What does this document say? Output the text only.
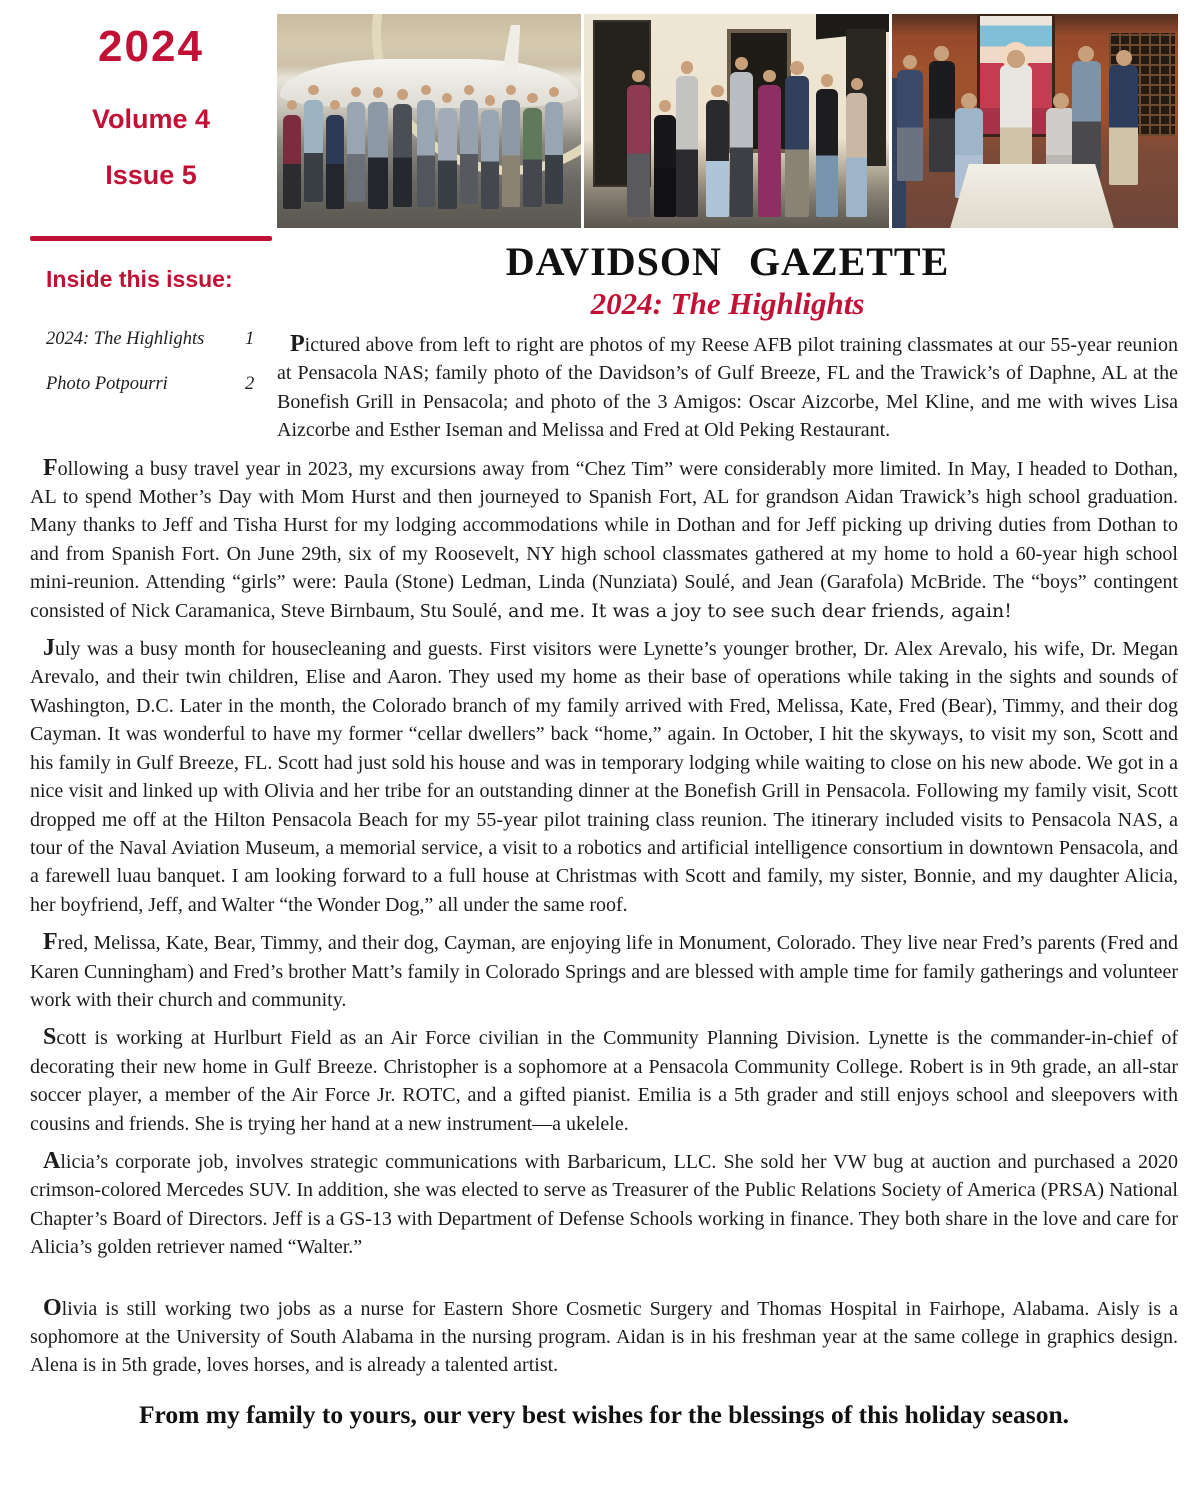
2024
Volume 4
Issue 5
Inside this issue:
2024: The Highlights	1
Photo Potpourri	2
DAVIDSON GAZETTE
2024: The Highlights

Pictured above from left to right are photos of my Reese AFB pilot training classmates at our 55-year reunion at Pensacola NAS; family photo of the Davidson’s of Gulf Breeze, FL and the Trawick’s of Daphne, AL at the Bonefish Grill in Pensacola; and photo of the 3 Amigos: Oscar Aizcorbe, Mel Kline, and me with wives Lisa Aizcorbe and Esther Iseman and Melissa and Fred at Old Peking Restaurant.

Following a busy travel year in 2023, my excursions away from “Chez Tim” were considerably more limited. In May, I headed to Dothan, AL to spend Mother’s Day with Mom Hurst and then journeyed to Spanish Fort, AL for grandson Aidan Trawick’s high school graduation. Many thanks to Jeff and Tisha Hurst for my lodging accommodations while in Dothan and for Jeff picking up driving duties from Dothan to and from Spanish Fort. On June 29th, six of my Roosevelt, NY high school classmates gathered at my home to hold a 60-year high school mini-reunion. Attending “girls” were: Paula (Stone) Ledman, Linda (Nunziata) Soulé, and Jean (Garafola) McBride. The “boys” contingent consisted of Nick Caramanica, Steve Birnbaum, Stu Soulé, and me. It was a joy to see such dear friends, again!

July was a busy month for housecleaning and guests. First visitors were Lynette’s younger brother, Dr. Alex Arevalo, his wife, Dr. Megan Arevalo, and their twin children, Elise and Aaron. They used my home as their base of operations while taking in the sights and sounds of Washington, D.C. Later in the month, the Colorado branch of my family arrived with Fred, Melissa, Kate, Fred (Bear), Timmy, and their dog Cayman. It was wonderful to have my former “cellar dwellers” back “home,” again. In October, I hit the skyways, to visit my son, Scott and his family in Gulf Breeze, FL. Scott had just sold his house and was in temporary lodging while waiting to close on his new abode. We got in a nice visit and linked up with Olivia and her tribe for an outstanding dinner at the Bonefish Grill in Pensacola. Following my family visit, Scott dropped me off at the Hilton Pensacola Beach for my 55-year pilot training class reunion. The itinerary included visits to Pensacola NAS, a tour of the Naval Aviation Museum, a memorial service, a visit to a robotics and artificial intelligence consortium in downtown Pensacola, and a farewell luau banquet. I am looking forward to a full house at Christmas with Scott and family, my sister, Bonnie, and my daughter Alicia, her boyfriend, Jeff, and Walter “the Wonder Dog,” all under the same roof.

Fred, Melissa, Kate, Bear, Timmy, and their dog, Cayman, are enjoying life in Monument, Colorado. They live near Fred’s parents (Fred and Karen Cunningham) and Fred’s brother Matt’s family in Colorado Springs and are blessed with ample time for family gatherings and volunteer work with their church and community.

Scott is working at Hurlburt Field as an Air Force civilian in the Community Planning Division. Lynette is the commander-in-chief of decorating their new home in Gulf Breeze. Christopher is a sophomore at a Pensacola Community College. Robert is in 9th grade, an all-star soccer player, a member of the Air Force Jr. ROTC, and a gifted pianist. Emilia is a 5th grader and still enjoys school and sleepovers with cousins and friends. She is trying her hand at a new instrument—a ukelele.

Alicia’s corporate job, involves strategic communications with Barbaricum, LLC. She sold her VW bug at auction and purchased a 2020 crimson-colored Mercedes SUV. In addition, she was elected to serve as Treasurer of the Public Relations Society of America (PRSA) National Chapter’s Board of Directors. Jeff is a GS-13 with Department of Defense Schools working in finance. They both share in the love and care for Alicia’s golden retriever named “Walter.”

Olivia is still working two jobs as a nurse for Eastern Shore Cosmetic Surgery and Thomas Hospital in Fairhope, Alabama. Aisly is a sophomore at the University of South Alabama in the nursing program. Aidan is in his freshman year at the same college in graphics design. Alena is in 5th grade, loves horses, and is already a talented artist.

From my family to yours, our very best wishes for the blessings of this holiday season.
